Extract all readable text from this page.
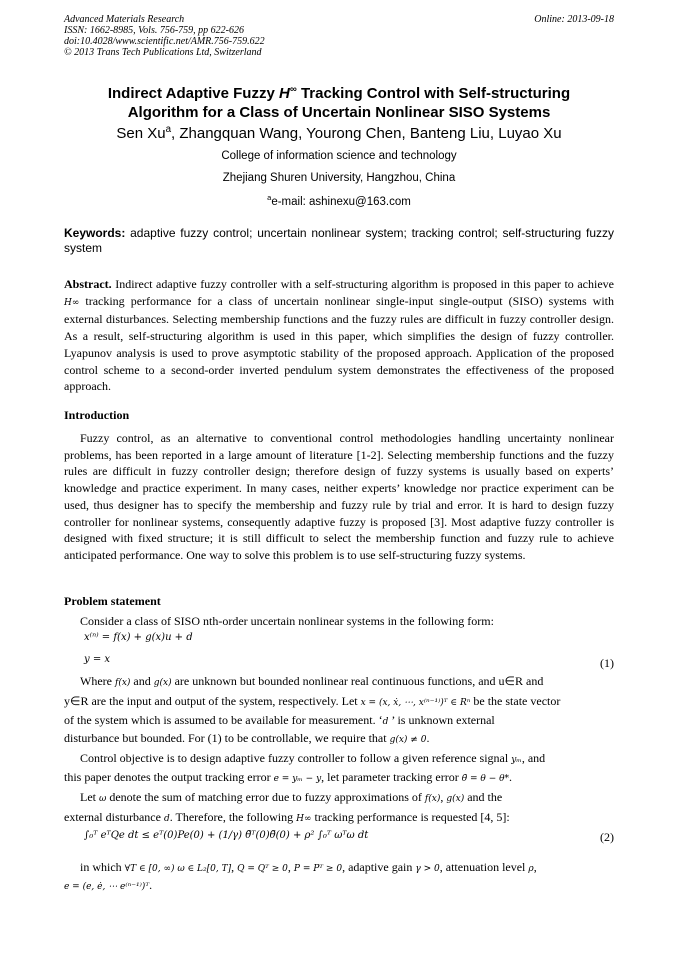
Advanced Materials Research
ISSN: 1662-8985, Vols. 756-759, pp 622-626
doi:10.4028/www.scientific.net/AMR.756-759.622
© 2013 Trans Tech Publications Ltd, Switzerland
Online: 2013-09-18
Indirect Adaptive Fuzzy H∞ Tracking Control with Self-structuring
Algorithm for a Class of Uncertain Nonlinear SISO Systems
Sen Xu$^a$, Zhangquan Wang, Yourong Chen, Banteng Liu, Luyao Xu
College of information science and technology
Zhejiang Shuren University, Hangzhou, China
$^a$e-mail: ashinexu@163.com
Keywords: adaptive fuzzy control; uncertain nonlinear system; tracking control; self-structuring fuzzy system
Abstract. Indirect adaptive fuzzy controller with a self-structuring algorithm is proposed in this paper to achieve H∞ tracking performance for a class of uncertain nonlinear single-input single-output (SISO) systems with external disturbances. Selecting membership functions and the fuzzy rules are difficult in fuzzy controller design. As a result, self-structuring algorithm is used in this paper, which simplifies the design of fuzzy controller. Lyapunov analysis is used to prove asymptotic stability of the proposed approach. Application of the proposed control scheme to a second-order inverted pendulum system demonstrates the effectiveness of the proposed approach.
Introduction
Fuzzy control, as an alternative to conventional control methodologies handling uncertainty nonlinear problems, has been reported in a large amount of literature [1-2]. Selecting membership functions and the fuzzy rules are difficult in fuzzy controller design; therefore design of fuzzy systems is usually based on experts’ knowledge and practice experiment. In many cases, neither experts’ knowledge nor practice experiment can be used, thus designer has to specify the membership and fuzzy rule by trial and error. It is hard to design fuzzy controller for nonlinear systems, consequently adaptive fuzzy is proposed [3]. Most adaptive fuzzy controller is designed with fixed structure; it is still difficult to select the membership function and fuzzy rule to achieve anticipated performance. One way to solve this problem is to use self-structuring fuzzy systems.
Problem statement
Consider a class of SISO nth-order uncertain nonlinear systems in the following form:
x⁽ⁿ⁾ = f(x) + g(x)u + d
y = x	(1)
Where f(x) and g(x) are unknown but bounded nonlinear real continuous functions, and u∈R and
y∈R are the input and output of the system, respectively. Let x = (x, ẋ, ⋯, x⁽ⁿ⁻¹⁾)ᵀ ∈ Rⁿ be the state vector
of the system which is assumed to be available for measurement. ‘d ’ is unknown external
disturbance but bounded. For (1) to be controllable, we require that g(x) ≠ 0.
Control objective is to design adaptive fuzzy controller to follow a given reference signal yₘ, and
this paper denotes the output tracking error e = yₘ − y, let parameter tracking error θ̃ = θ − θ*.
Let ω denote the sum of matching error due to fuzzy approximations of f(x), g(x) and the
external disturbance d. Therefore, the following H∞ tracking performance is requested [4, 5]:
∫₀ᵀ eᵀQe dt ≤ eᵀ(0)Pe(0) + (1/γ) θ̃ᵀ(0)θ̃(0) + ρ² ∫₀ᵀ ωᵀω dt	(2)
in which ∀T ∈ [0, ∞) ω ∈ L₂[0, T], Q = Qᵀ ≥ 0, P = Pᵀ ≥ 0, adaptive gain γ > 0, attenuation level ρ,
e = (e, ė, ⋯ e⁽ⁿ⁻¹⁾)ᵀ.
